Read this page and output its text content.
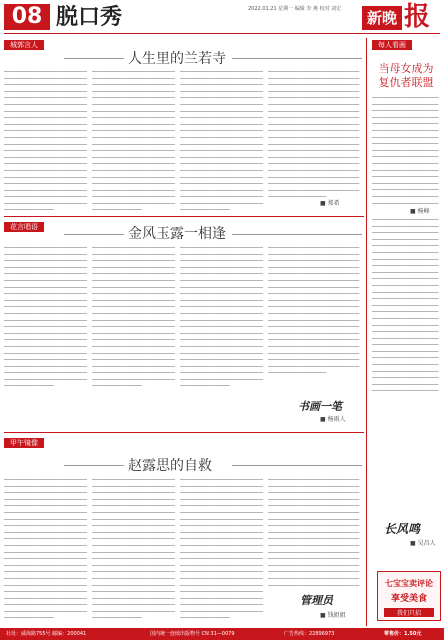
08 脱口秀	2022.01.21 星期一 编辑 李 燕 校对 刘宏	新晚 报
城郭言人
人生里的兰若寺
────────────────────────────────────────────────────────────────────────────────────────────────────────────────────────────────────────────────────────────────────────────────────────────────────────────────────────────────────────────────────────────────────────────────────────────────────────────────────────────────────────────────────────────────────────────────────────────────────────────────────────────────────────────────────────────────────────────────────────────────────────────────────────────────────────────────────────────────────────────────────────────────────────────────────────────────────────────────────────────────────────
────────────────────────────────────────────────────────────────────────────────────────────────────────────────────────────────────────────────────────────────────────────────────────────────────────────────────────────────────────────────────────────────────────────────────────────────────────────────────────────────────────────────────────────────────────────────────────────────────────────────────────────────────────────────────────────────────────────────────────────────────────────────────────────────────────────────────────────────────────────────────────────────────────────────────────────────────────────────────────────────────────
────────────────────────────────────────────────────────────────────────────────────────────────────────────────────────────────────────────────────────────────────────────────────────────────────────────────────────────────────────────────────────────────────────────────────────────────────────────────────────────────────────────────────────────────────────────────────────────────────────────────────────────────────────────────────────────────────────────────────────────────────────────────────────────────────────────────────────────────────────────────────────────────────────────────────────────────────────────────────────────────────────
────────────────────────────────────────────────────────────────────────────────────────────────────────────────────────────────────────────────────────────────────────────────────────────────────────────────────────────────────────────────────────────────────────────────────────────────────────────────────────────────────────────────────────────────────────────────────────────────────────────────────────────────────────────────────────────────────────────────────────────────────────────────────────────────────────────────────────────────────────────────────────────────────────────────────────────────────────────────────────────────────────
■ 郑希
每人看画
当母女成为
复仇者联盟
────────────────────────────────────────────────────────────────────────────────────────────────────────────────────────────────────────────────────────────────────────────────────────────────────────────────────────────────────────────────────────────────────────────────────────────────────────────────────────────────────────────────────────────────────────────────────────────────────────────────────────
■ 杨峰
────────────────────────────────────────────────────────────────────────────────────────────────────────────────────────────────────────────────────────────────────────────────────────────────────────────────────────────────────────────────────────────────────────────────────────────────────────────────────────────────────────────────────────────────────────────────────────────────────────────────────────────────────────────────────────────────────────────────────────────────────────────────────────────────────────────────────────────────────────────────────────────────────────────────────────────────────────────────────────────────────────
长风鸣
■ 吴昌人
花言唱语	金风玉露一相逢
────────────────────────────────────────────────────────────────────────────────────────────────────────────────────────────────────────────────────────────────────────────────────────────────────────────────────────────────────────────────────────────────────────────────────────────────────────────────────────────────────────────────────────────────────────────────────────────────────────────────────────────────────────────────────────────────────────────────────────────────────────────────────────────────────────────────────────────────────────────────────────────────────────────────────────────────────────────────────────────────────────
────────────────────────────────────────────────────────────────────────────────────────────────────────────────────────────────────────────────────────────────────────────────────────────────────────────────────────────────────────────────────────────────────────────────────────────────────────────────────────────────────────────────────────────────────────────────────────────────────────────────────────────────────────────────────────────────────────────────────────────────────────────────────────────────────────────────────────────────────────────────────────────────────────────────────────────────────────────────────────────────────────
────────────────────────────────────────────────────────────────────────────────────────────────────────────────────────────────────────────────────────────────────────────────────────────────────────────────────────────────────────────────────────────────────────────────────────────────────────────────────────────────────────────────────────────────────────────────────────────────────────────────────────────────────────────────────────────────────────────────────────────────────────────────────────────────────────────────────────────────────────────────────────────────────────────────────────────────────────────────────────────────────────
────────────────────────────────────────────────────────────────────────────────────────────────────────────────────────────────────────────────────────────────────────────────────────────────────────────────────────────────────────────────────────────────────────────────────────────────────────────────────────────────────────────────────────────────────────────────────────────────────────────────────────────────────────────────────────────────────────────────────────────────────────────────────────────────────────────────────────────────────────────────────────────────────────────────────────────────────────────────────────────────────────
书画一笔
■ 杨雨人
甲午镜像
赵露思的自救
──────────────────────────────────────────────────────────────────────────────────────────────────────────────────────────────────────────────────────────────────────────────────────────────────────────────────────────────────────────────────────────────────────────────────────────────────────────────────────────────────────────────────────────────────────────────────────────────────────────────────────────────────────────────────────────────────────────────────────────────────────────────────────────────────────────────────────────────────────────────────────────────────────────────────────────────────────────────────────
──────────────────────────────────────────────────────────────────────────────────────────────────────────────────────────────────────────────────────────────────────────────────────────────────────────────────────────────────────────────────────────────────────────────────────────────────────────────────────────────────────────────────────────────────────────────────────────────────────────────────────────────────────────────────────────────────────────────────────────────────────────────────────────────────────────────────────────────────────────────────────────────────────────────────────────────────────────────────────
──────────────────────────────────────────────────────────────────────────────────────────────────────────────────────────────────────────────────────────────────────────────────────────────────────────────────────────────────────────────────────────────────────────────────────────────────────────────────────────────────────────────────────────────────────────────────────────────────────────────────────────────────────────────────────────────────────────────────────────────────────────────────────────────────────────────────────────────────────────────────────────────────────────────────────────────────────────────────────
─────────────────────────────────────────────────────────────────────────────────────────────────────────────────────────────────────────────────────────────────────────────────────────────────────────────────────────────────────────────────────────────────────────────────────────────────────────────────────────────────────────────────────────────────────────────────────────────────────────────────────────────────────────────────────────────────────────────────────────────────────────────────────────────────────────────────────────────────────────────────
管理员
■ 钱姐姐
七宝宝卖评论
享受美食
我们只招
社址：威海路755号 邮编：200041	国内统一连续出版物号 CN 31—0079	广告热线：22896973	零售价：1.50元
